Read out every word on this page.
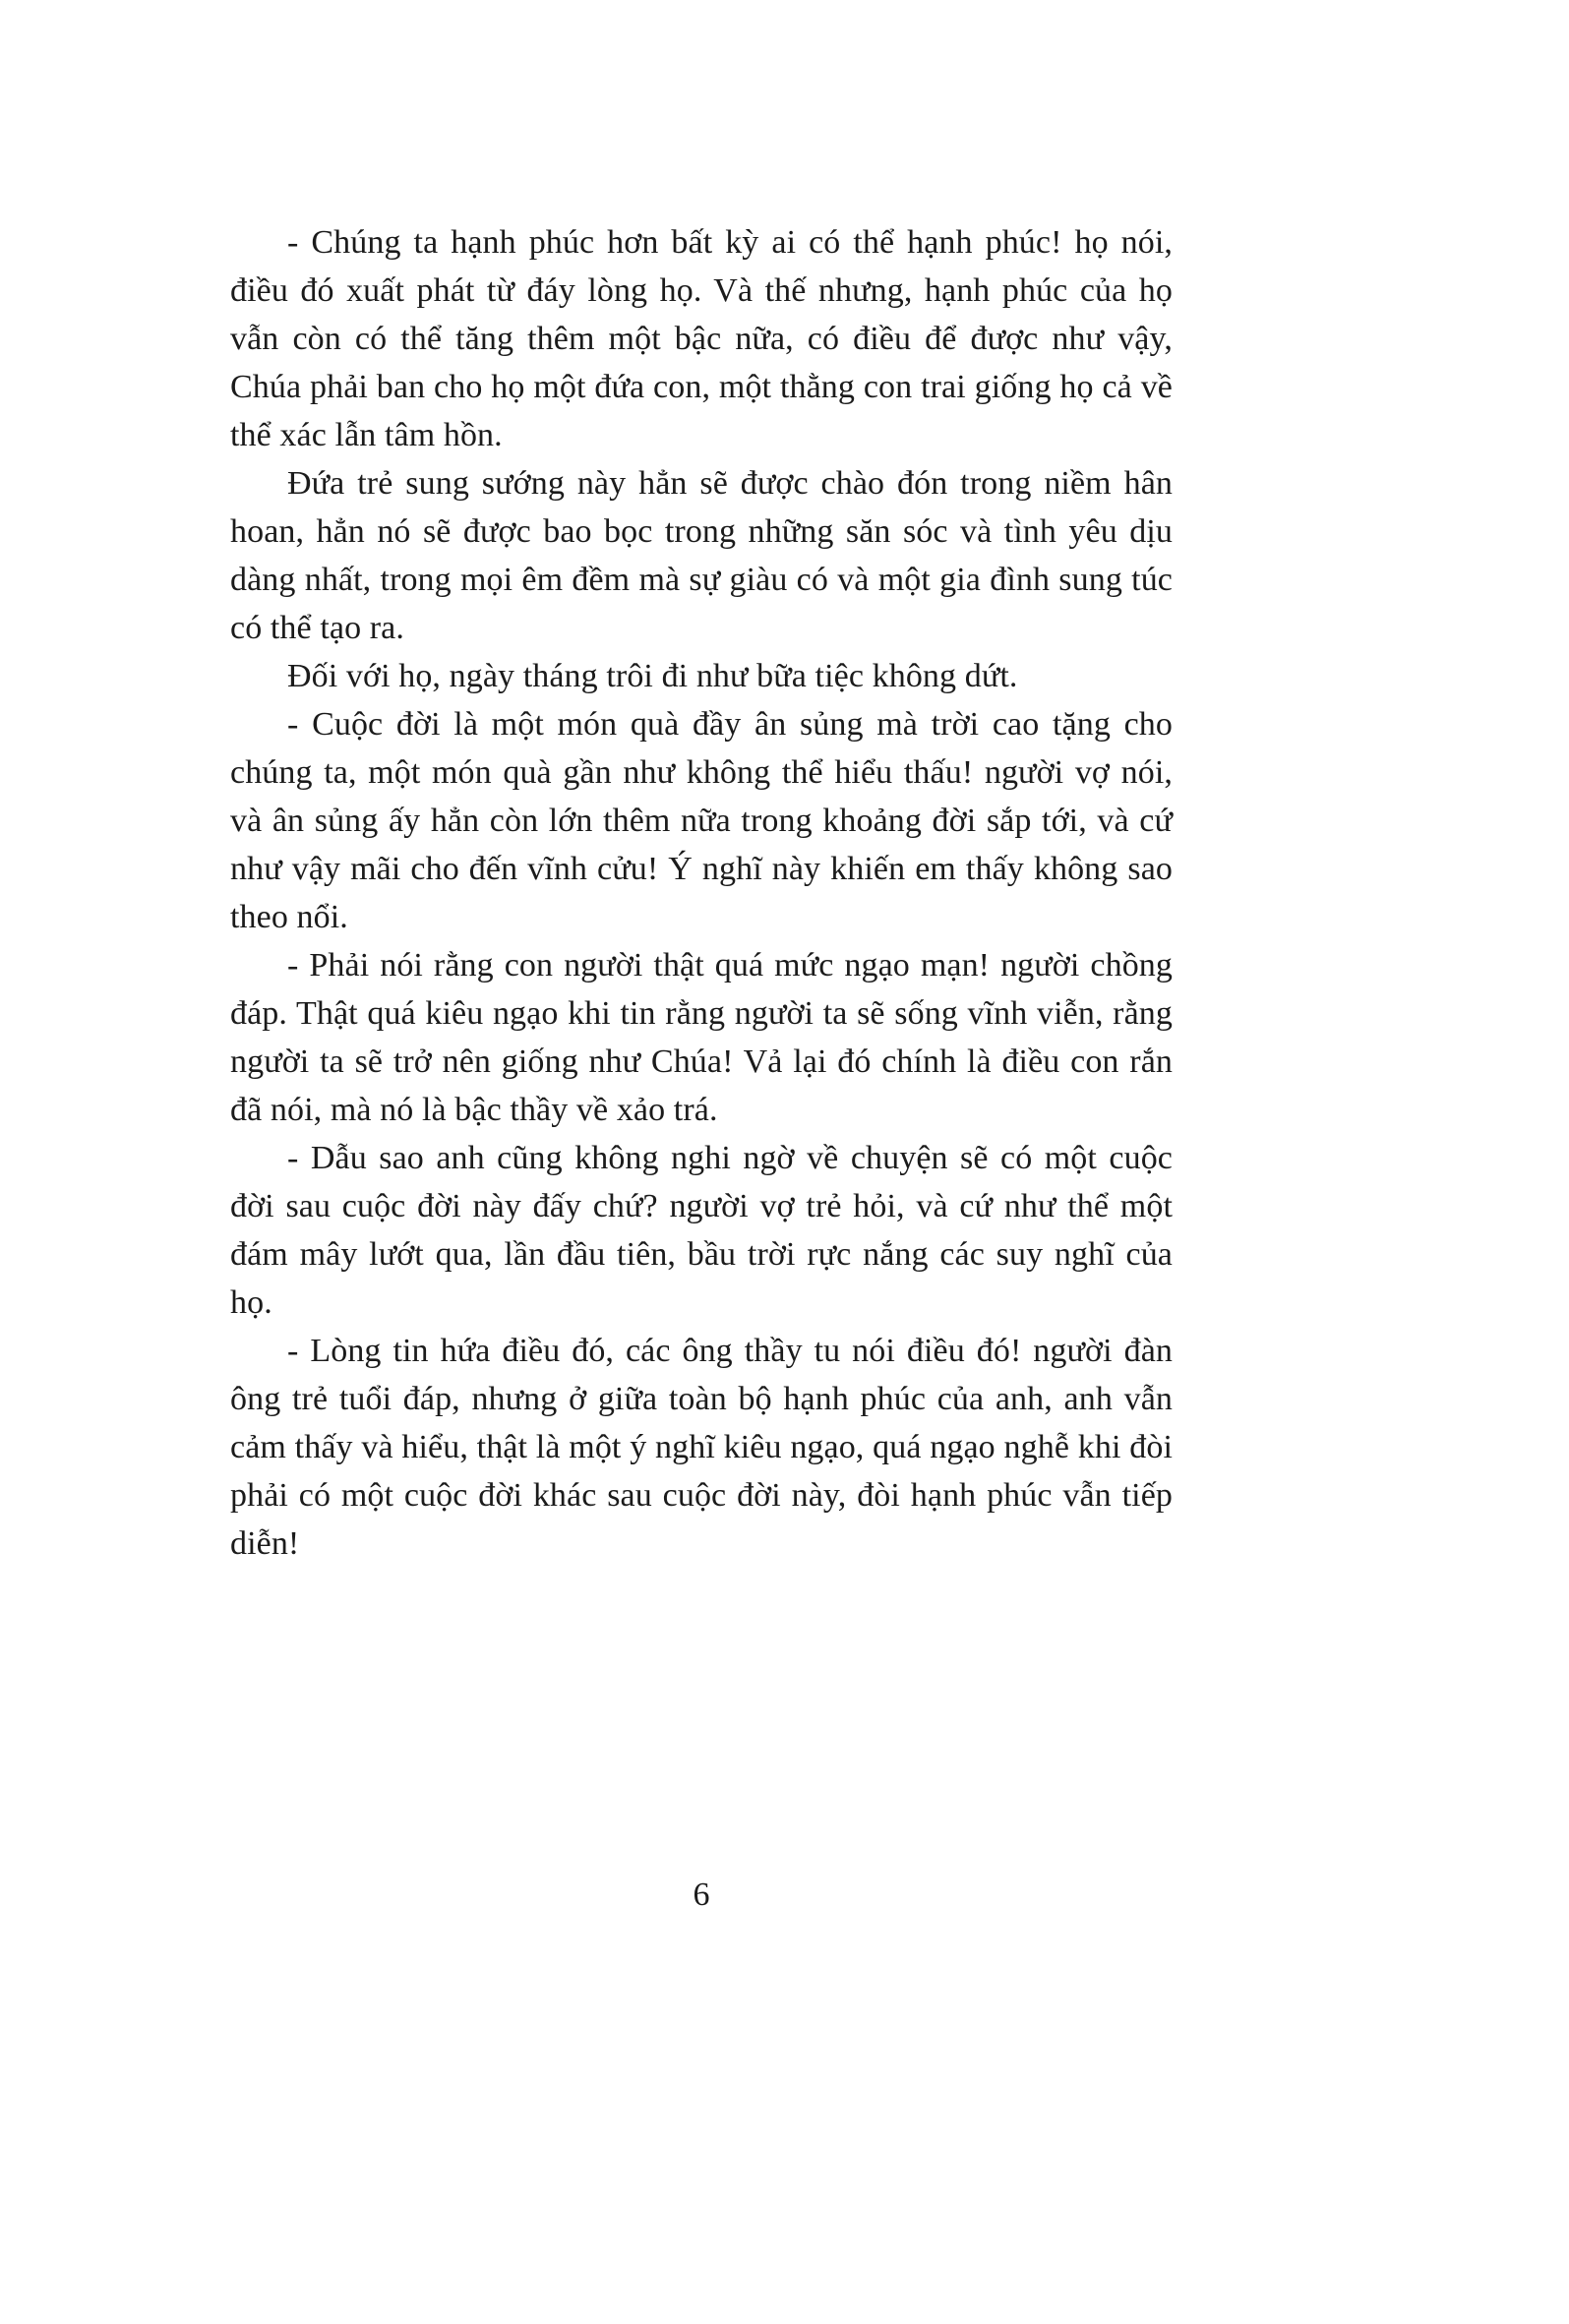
- Chúng ta hạnh phúc hơn bất kỳ ai có thể hạnh phúc! họ nói, điều đó xuất phát từ đáy lòng họ. Và thế nhưng, hạnh phúc của họ vẫn còn có thể tăng thêm một bậc nữa, có điều để được như vậy, Chúa phải ban cho họ một đứa con, một thằng con trai giống họ cả về thể xác lẫn tâm hồn.

Đứa trẻ sung sướng này hẳn sẽ được chào đón trong niềm hân hoan, hẳn nó sẽ được bao bọc trong những săn sóc và tình yêu dịu dàng nhất, trong mọi êm đềm mà sự giàu có và một gia đình sung túc có thể tạo ra.

Đối với họ, ngày tháng trôi đi như bữa tiệc không dứt.

- Cuộc đời là một món quà đầy ân sủng mà trời cao tặng cho chúng ta, một món quà gần như không thể hiểu thấu! người vợ nói, và ân sủng ấy hẳn còn lớn thêm nữa trong khoảng đời sắp tới, và cứ như vậy mãi cho đến vĩnh cửu! Ý nghĩ này khiến em thấy không sao theo nổi.

- Phải nói rằng con người thật quá mức ngạo mạn! người chồng đáp. Thật quá kiêu ngạo khi tin rằng người ta sẽ sống vĩnh viễn, rằng người ta sẽ trở nên giống như Chúa! Vả lại đó chính là điều con rắn đã nói, mà nó là bậc thầy về xảo trá.

- Dẫu sao anh cũng không nghi ngờ về chuyện sẽ có một cuộc đời sau cuộc đời này đấy chứ? người vợ trẻ hỏi, và cứ như thể một đám mây lướt qua, lần đầu tiên, bầu trời rực nắng các suy nghĩ của họ.

- Lòng tin hứa điều đó, các ông thầy tu nói điều đó! người đàn ông trẻ tuổi đáp, nhưng ở giữa toàn bộ hạnh phúc của anh, anh vẫn cảm thấy và hiểu, thật là một ý nghĩ kiêu ngạo, quá ngạo nghễ khi đòi phải có một cuộc đời khác sau cuộc đời này, đòi hạnh phúc vẫn tiếp diễn!

6
